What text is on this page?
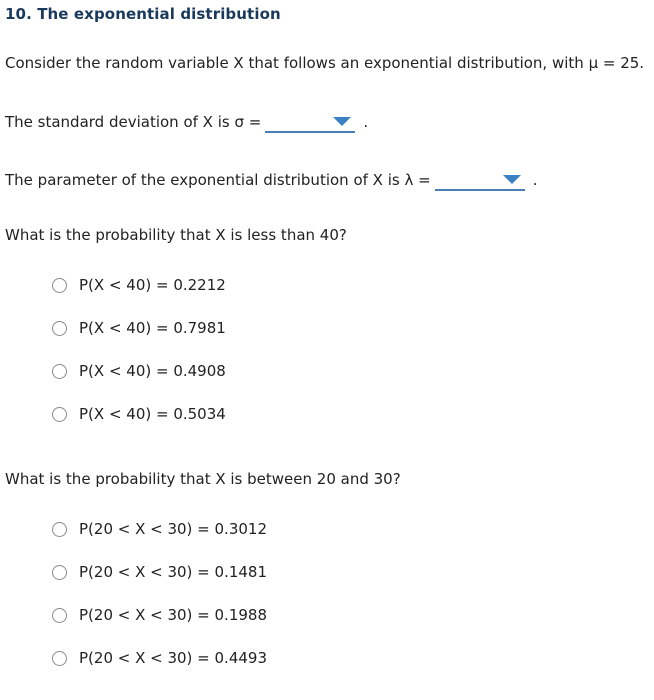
10. The exponential distribution
Consider the random variable X that follows an exponential distribution, with μ = 25.
The standard deviation of X is σ =	.
The parameter of the exponential distribution of X is λ =	.
What is the probability that X is less than 40?
P(X < 40) = 0.2212
P(X < 40) = 0.7981
P(X < 40) = 0.4908
P(X < 40) = 0.5034
What is the probability that X is between 20 and 30?
P(20 < X < 30) = 0.3012
P(20 < X < 30) = 0.1481
P(20 < X < 30) = 0.1988
P(20 < X < 30) = 0.4493
